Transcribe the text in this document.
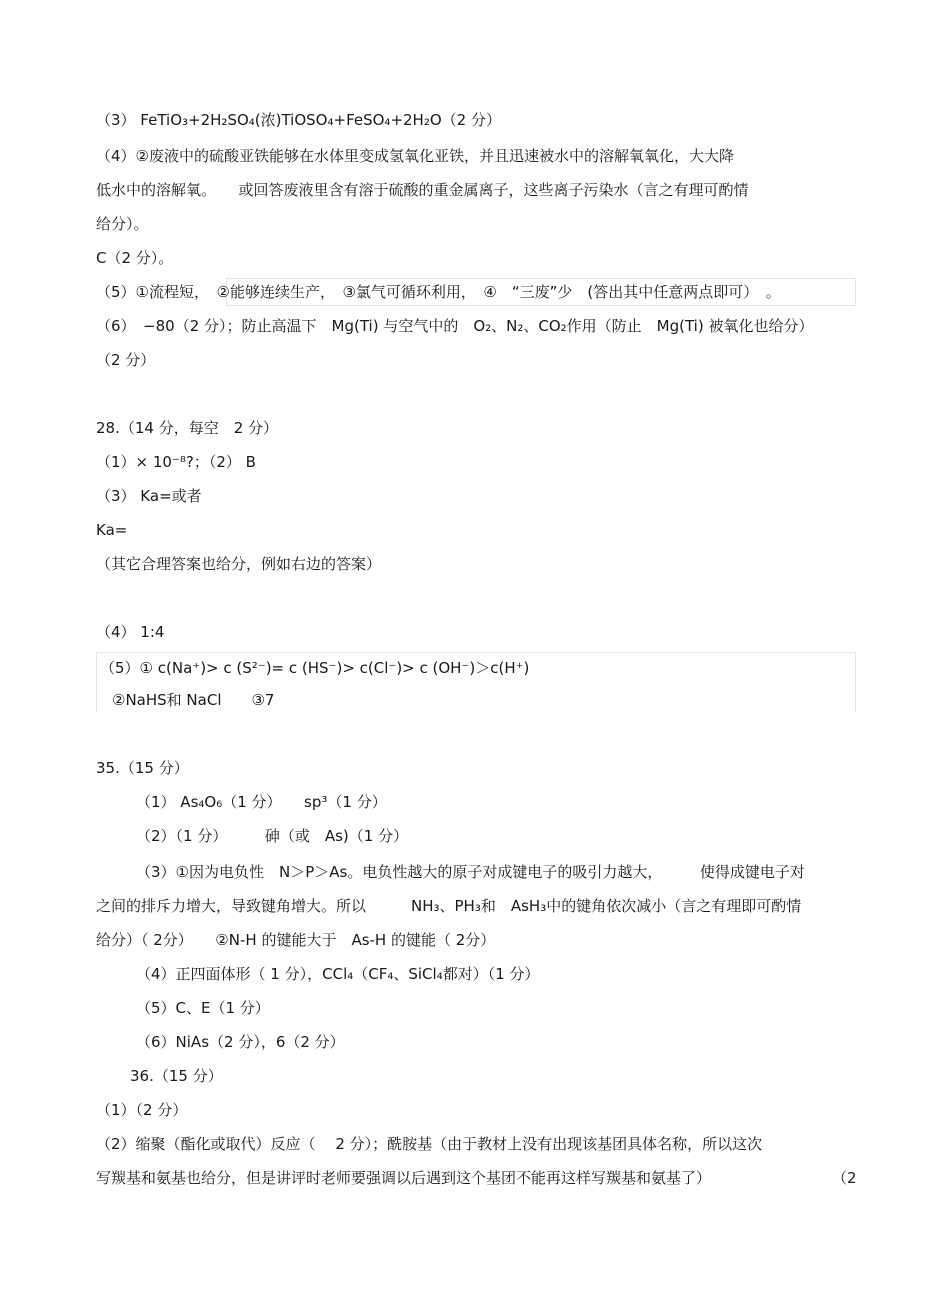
（3） FeTiO₃+2H₂SO₄(浓)TiOSO₄+FeSO₄+2H₂O（2 分）
（4）②废液中的硫酸亚铁能够在水体里变成氢氧化亚铁，并且迅速被水中的溶解氧氧化，大大降
低水中的溶解氧。　　或回答废液里含有溶于硫酸的重金属离子，这些离子污染水（言之有理可酌情
给分）。
C（2 分）。
（5）①流程短，　②能够连续生产，　③氯气可循环利用，　④　“三废”少　(答出其中任意两点即可）　。
（6）　−80（2 分）；防止高温下　Mg(Ti) 与空气中的　O₂、N₂、CO₂作用（防止　Mg(Ti) 被氧化也给分）
（2 分）
28.（14 分，每空　2 分）
（1）× 10⁻⁸?；（2） B
（3） Ka=或者
Ka=
（其它合理答案也给分，例如右边的答案）
（4） 1:4
（5）① c(Na⁺)> c (S²⁻)= c (HS⁻)> c(Cl⁻)> c (OH⁻)＞c(H⁺)
②NaHS和 NaCl　　③7
35.（15 分）
（1） As₄O₆（1 分）　　sp³（1 分）
（2）（1 分）　　　砷（或　As)（1 分）
（3）①因为电负性　N＞P＞As。电负性越大的原子对成键电子的吸引力越大，　　　使得成键电子对
之间的排斥力增大，导致键角增大。所以　　　NH₃、PH₃和　AsH₃中的键角依次减小（言之有理即可酌情
给分）（ 2分）　　②N-H 的键能大于　As-H 的键能（ 2分）
（4）正四面体形（ 1 分），CCl₄（CF₄、SiCl₄都对）（1 分）
（5）C、E（1 分）
（6）NiAs（2 分），6（2 分）
36.（15 分）
（1）（2 分）
（2）缩聚（酯化或取代）反应（　 2 分）；酰胺基（由于教材上没有出现该基团具体名称，所以这次
写羰基和氨基也给分，但是讲评时老师要强调以后遇到这个基团不能再这样写羰基和氨基了）	（2
